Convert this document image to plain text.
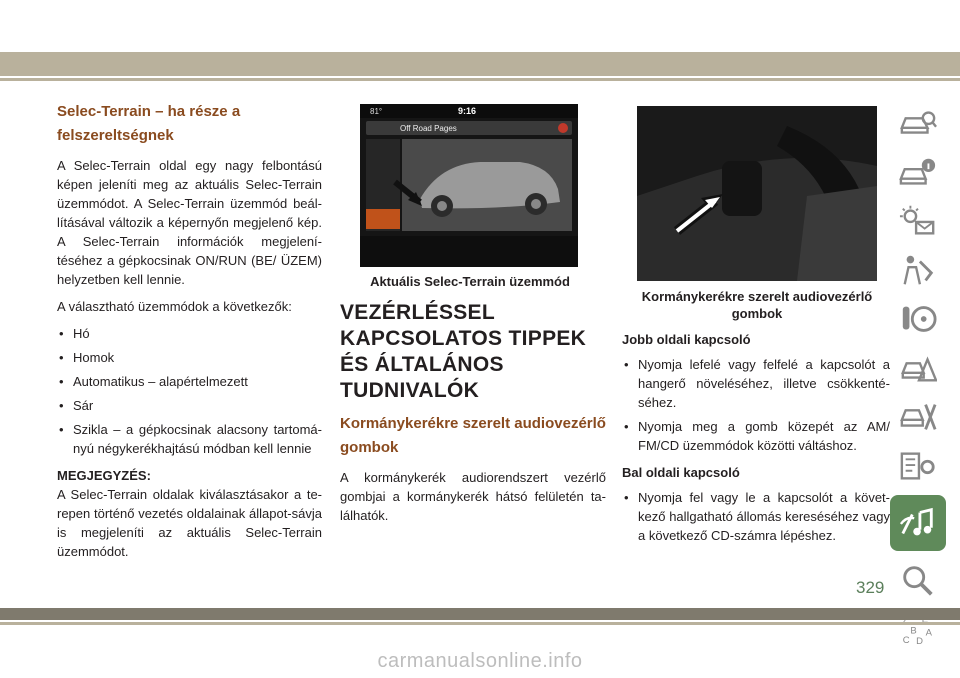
Selec-Terrain – ha része a felszereltségnek

A Selec-Terrain oldal egy nagy felbontású képen jeleníti meg az aktuális Selec-Terrain üzemmódot. A Selec-Terrain üzemmód beál-lításával változik a képernyőn megjelenő kép. A Selec-Terrain információk megjelení-téséhez a gépkocsinak ON/RUN (BE/ ÜZEM) helyzetben kell lennie.

A választható üzemmódok a következők:

• Hó
• Homok
• Automatikus – alapértelmezett
• Sár
• Szikla – a gépkocsinak alacsony tartomá-nyú négykerékhajtású módban kell lennie

MEGJEGYZÉS:

A Selec-Terrain oldalak kiválasztásakor a te-repen történő vezetés oldalainak állapot-sávja is megjeleníti az aktuális Selec-Terrain üzemmódot.

81°	9:16
Off Road Pages
Aktuális Selec-Terrain üzemmód
VEZÉRLÉSSEL KAPCSOLATOS TIPPEK ÉS ÁLTALÁNOS TUDNIVALÓK
Kormánykerékre szerelt audiovezérlő gombok

A kormánykerék audiorendszert vezérlő gombjai a kormánykerék hátsó felületén ta-lálhatók.

Kormánykerékre szerelt audiovezérlő gombok
Jobb oldali kapcsoló
• Nyomja lefelé vagy felfelé a kapcsolót a hangerő növeléséhez, illetve csökkenté-séhez.
• Nyomja meg a gomb közepét az AM/ FM/CD üzemmódok közötti váltáshoz.
Bal oldali kapcsoló
• Nyomja fel vagy le a kapcsolót a követ-kező hallgatható állomás kereséséhez vagy a következő CD-számra lépéshez.
B A
C D
329
carmanualsonline.info
